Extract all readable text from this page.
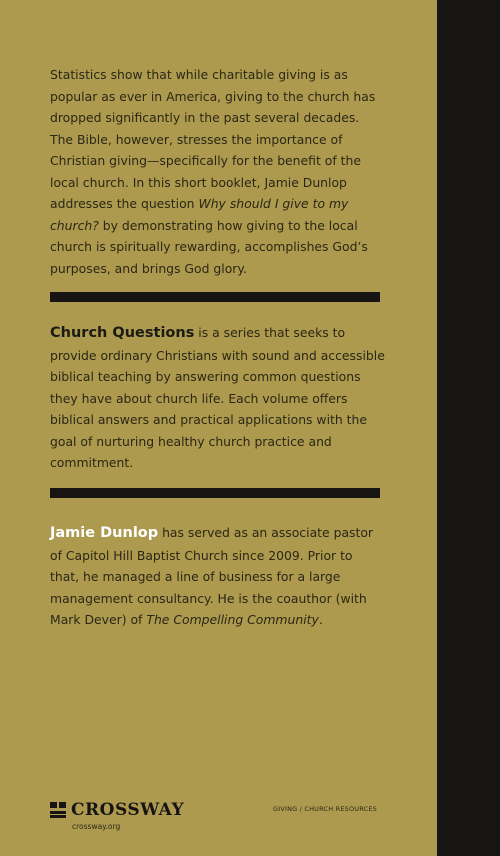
Statistics show that while charitable giving is as popular as ever in America, giving to the church has dropped significantly in the past several decades. The Bible, however, stresses the importance of Christian giving—specifically for the benefit of the local church. In this short booklet, Jamie Dunlop addresses the question Why should I give to my church? by demonstrating how giving to the local church is spiritually rewarding, accomplishes God’s purposes, and brings God glory.

Church Questions is a series that seeks to provide ordinary Christians with sound and accessible biblical teaching by answering common questions they have about church life. Each volume offers biblical answers and practical applications with the goal of nurturing healthy church practice and commitment.

Jamie Dunlop has served as an associate pastor of Capitol Hill Baptist Church since 2009. Prior to that, he managed a line of business for a large management consultancy. He is the coauthor (with Mark Dever) of The Compelling Community.

CROSSWAY
crossway.org
GIVING / CHURCH RESOURCES
